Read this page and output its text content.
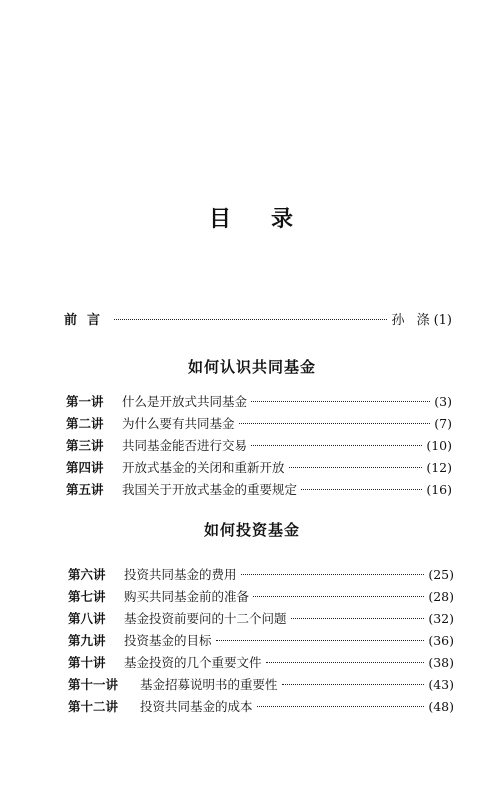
目 录
前言	孙 涤 (1)
如何认识共同基金
第一讲	什么是开放式共同基金	(3)
第二讲	为什么要有共同基金	(7)
第三讲	共同基金能否进行交易	(10)
第四讲	开放式基金的关闭和重新开放	(12)
第五讲	我国关于开放式基金的重要规定	(16)
如何投资基金
第六讲	投资共同基金的费用	(25)
第七讲	购买共同基金前的准备	(28)
第八讲	基金投资前要问的十二个问题	(32)
第九讲	投资基金的目标	(36)
第十讲	基金投资的几个重要文件	(38)
第十一讲	基金招募说明书的重要性	(43)
第十二讲	投资共同基金的成本	(48)
